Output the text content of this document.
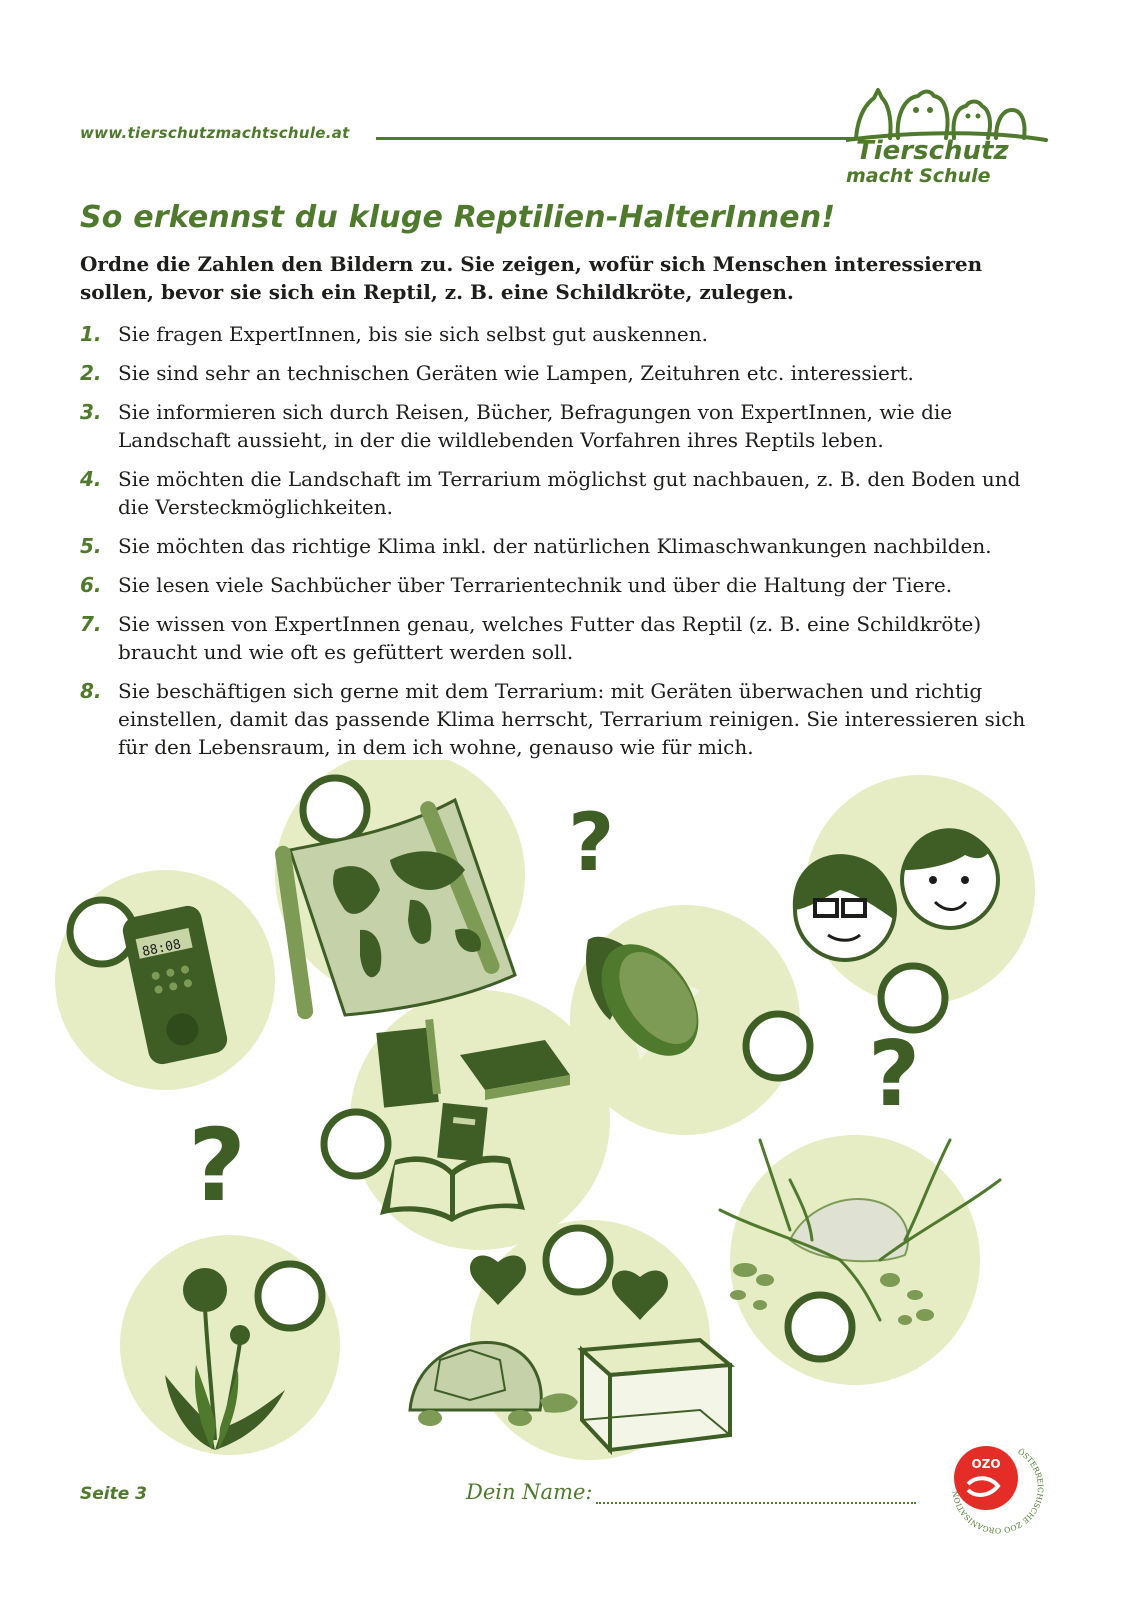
www.tierschutzmachtschule.at
Tierschutz
macht Schule
So erkennst du kluge Reptilien-HalterInnen!

Ordne die Zahlen den Bildern zu. Sie zeigen, wofür sich Menschen interessieren sollen, bevor sie sich ein Reptil, z. B. eine Schildkröte, zulegen.

1. Sie fragen ExpertInnen, bis sie sich selbst gut auskennen.
2. Sie sind sehr an technischen Geräten wie Lampen, Zeituhren etc. interessiert.
3. Sie informieren sich durch Reisen, Bücher, Befragungen von ExpertInnen, wie die Landschaft aussieht, in der die wildlebenden Vorfahren ihres Reptils leben.
4. Sie möchten die Landschaft im Terrarium möglichst gut nachbauen, z. B. den Boden und die Versteckmöglichkeiten.
5. Sie möchten das richtige Klima inkl. der natürlichen Klimaschwankungen nachbilden.
6. Sie lesen viele Sachbücher über Terrarientechnik und über die Haltung der Tiere.
7. Sie wissen von ExpertInnen genau, welches Futter das Reptil (z. B. eine Schildkröte) braucht und wie oft es gefüttert werden soll.
8. Sie beschäftigen sich gerne mit dem Terrarium: mit Geräten überwachen und richtig einstellen, damit das passende Klima herrscht, Terrarium reinigen. Sie interessieren sich für den Lebensraum, in dem ich wohne, genauso wie für mich.
?
?
?
88:08
Seite 3	Dein Name:
OZO
ÖSTERREICHISCHE ZOO ORGANISATION
